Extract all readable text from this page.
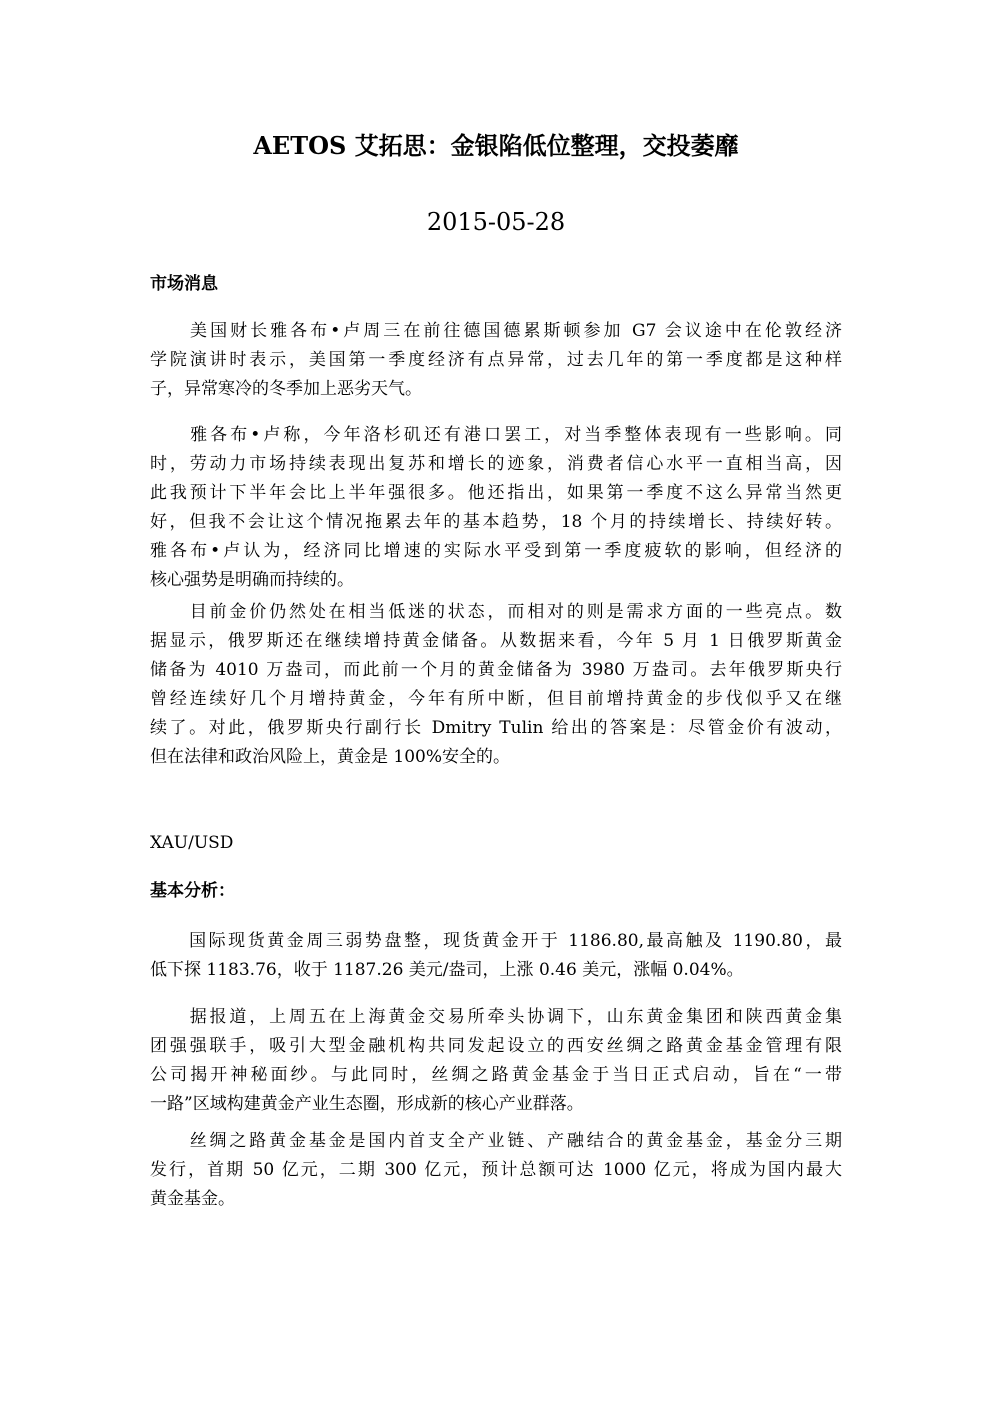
AETOS 艾拓思：金银陷低位整理，交投萎靡
2015-05-28
市场消息
　　美国财长雅各布•卢周三在前往德国德累斯顿参加 G7 会议途中在伦敦经济
学院演讲时表示，美国第一季度经济有点异常，过去几年的第一季度都是这种样
子，异常寒冷的冬季加上恶劣天气。
　　雅各布•卢称，今年洛杉矶还有港口罢工，对当季整体表现有一些影响。同
时，劳动力市场持续表现出复苏和增长的迹象，消费者信心水平一直相当高，因
此我预计下半年会比上半年强很多。他还指出，如果第一季度不这么异常当然更
好，但我不会让这个情况拖累去年的基本趋势，18 个月的持续增长、持续好转。
雅各布•卢认为，经济同比增速的实际水平受到第一季度疲软的影响，但经济的
核心强势是明确而持续的。
　　目前金价仍然处在相当低迷的状态，而相对的则是需求方面的一些亮点。数
据显示，俄罗斯还在继续增持黄金储备。从数据来看，今年 5 月 1 日俄罗斯黄金
储备为 4010 万盎司，而此前一个月的黄金储备为 3980 万盎司。去年俄罗斯央行
曾经连续好几个月增持黄金，今年有所中断，但目前增持黄金的步伐似乎又在继
续了。对此，俄罗斯央行副行长 Dmitry Tulin 给出的答案是：尽管金价有波动，
但在法律和政治风险上，黄金是 100%安全的。
XAU/USD
基本分析：
　　国际现货黄金周三弱势盘整，现货黄金开于 1186.80,最高触及 1190.80，最
低下探 1183.76，收于 1187.26 美元/盎司，上涨 0.46 美元，涨幅 0.04%。
　　据报道，上周五在上海黄金交易所牵头协调下，山东黄金集团和陕西黄金集
团强强联手，吸引大型金融机构共同发起设立的西安丝绸之路黄金基金管理有限
公司揭开神秘面纱。与此同时，丝绸之路黄金基金于当日正式启动，旨在“一带
一路”区域构建黄金产业生态圈，形成新的核心产业群落。
　　丝绸之路黄金基金是国内首支全产业链、产融结合的黄金基金，基金分三期
发行，首期 50 亿元，二期 300 亿元，预计总额可达 1000 亿元，将成为国内最大
黄金基金。
